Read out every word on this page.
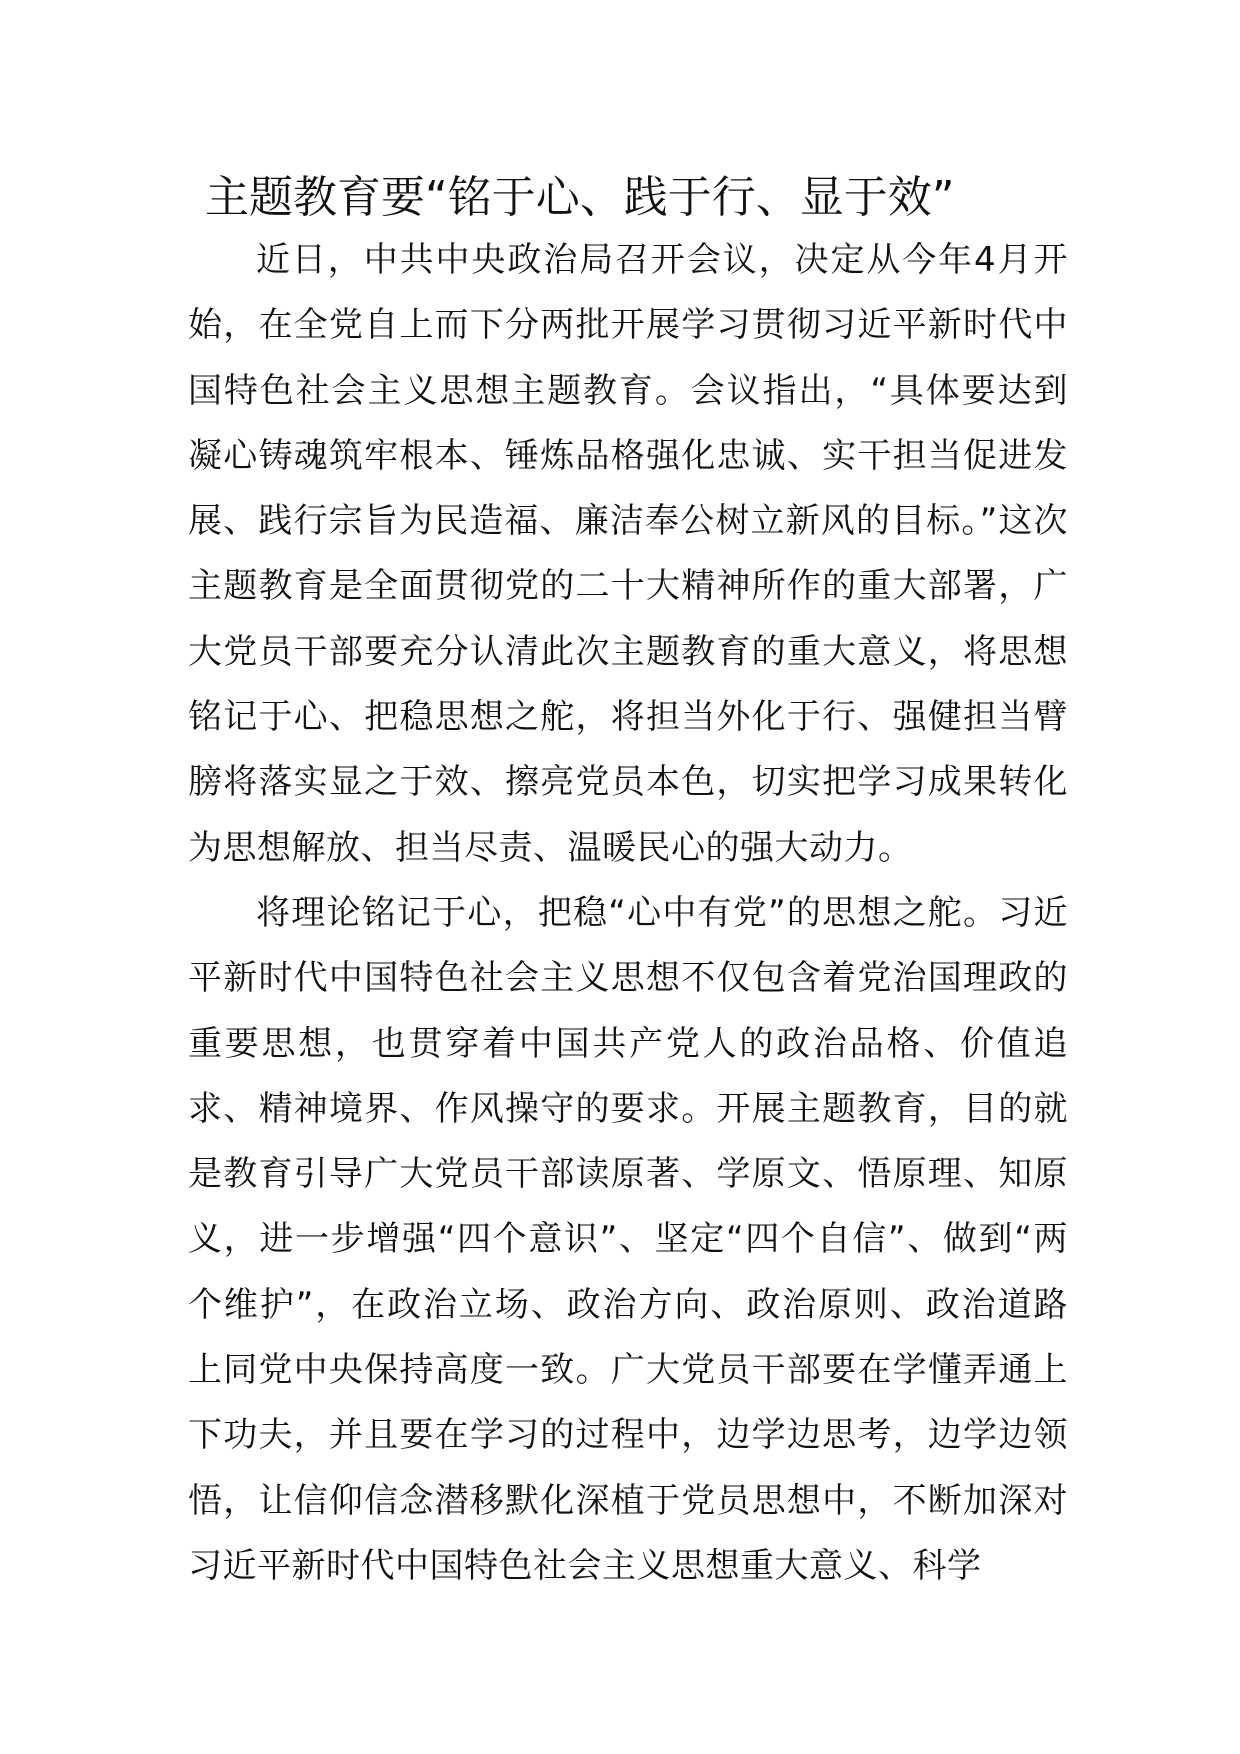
主题教育要“铭于心、践于行、显于效”

近日，中共中央政治局召开会议，决定从今年4月开始，在全党自上而下分两批开展学习贯彻习近平新时代中国特色社会主义思想主题教育。会议指出，“具体要达到凝心铸魂筑牢根本、锤炼品格强化忠诚、实干担当促进发展、践行宗旨为民造福、廉洁奉公树立新风的目标。”这次主题教育是全面贯彻党的二十大精神所作的重大部署，广大党员干部要充分认清此次主题教育的重大意义，将思想铭记于心、把稳思想之舵，将担当外化于行、强健担当臂膀将落实显之于效、擦亮党员本色，切实把学习成果转化为思想解放、担当尽责、温暖民心的强大动力。

将理论铭记于心，把稳“心中有党”的思想之舵。习近平新时代中国特色社会主义思想不仅包含着党治国理政的重要思想，也贯穿着中国共产党人的政治品格、价值追求、精神境界、作风操守的要求。开展主题教育，目的就是教育引导广大党员干部读原著、学原文、悟原理、知原义，进一步增强“四个意识”、坚定“四个自信”、做到“两个维护”，在政治立场、政治方向、政治原则、政治道路上同党中央保持高度一致。广大党员干部要在学懂弄通上下功夫，并且要在学习的过程中，边学边思考，边学边领悟，让信仰信念潜移默化深植于党员思想中，不断加深对习近平新时代中国特色社会主义思想重大意义、科学
